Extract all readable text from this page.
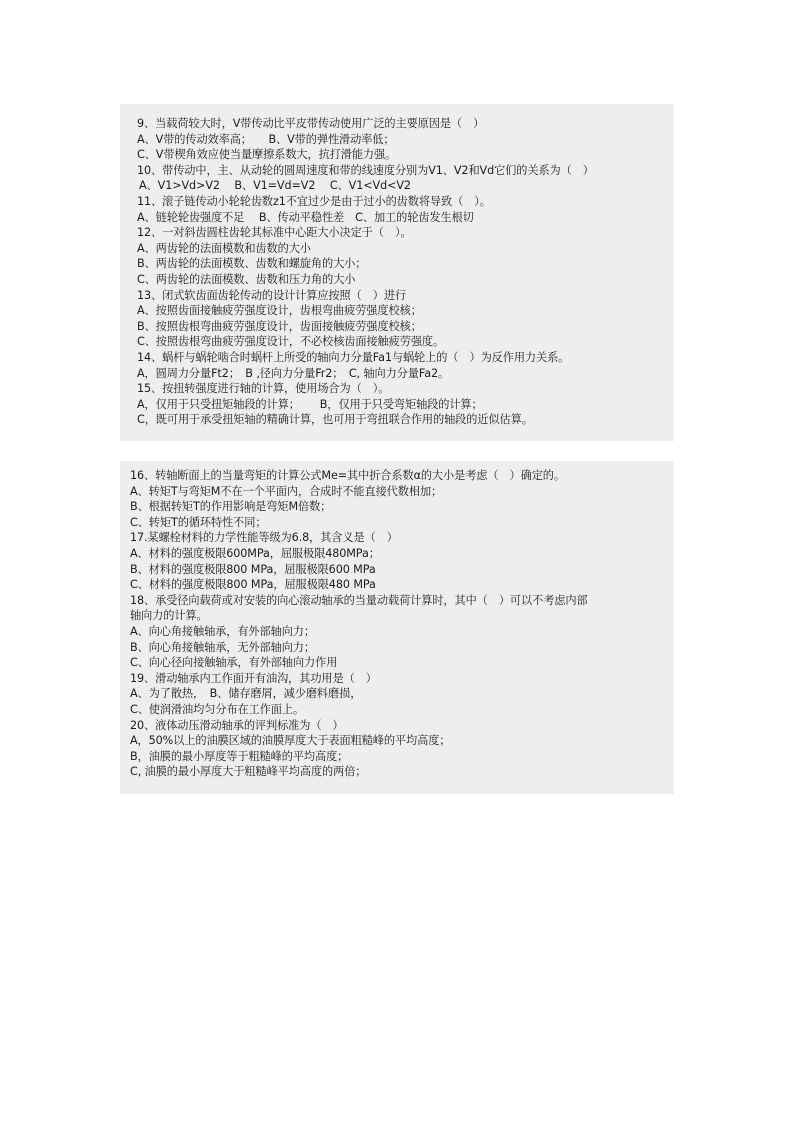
9、当载荷较大时，V带传动比平皮带传动使用广泛的主要原因是（　）
A、V带的传动效率高；　　B、V带的弹性滑动率低；
C、V带楔角效应使当量摩擦系数大，抗打滑能力强。
10、带传动中，主、从动轮的圆周速度和带的线速度分别为V1、V2和Vd它们的关系为（　）
A、V1>Vd>V2　 B、V1=Vd=V2　 C、V1<Vd<V2
11、滚子链传动小轮轮齿数z1不宜过少是由于过小的齿数将导致（　）。
A、链轮轮齿强度不足　 B、传动平稳性差　C、加工的轮齿发生根切
12、一对斜齿圆柱齿轮其标准中心距大小决定于（　）。
A、两齿轮的法面模数和齿数的大小
B、两齿轮的法面模数、齿数和螺旋角的大小；
C、两齿轮的法面模数、齿数和压力角的大小
13、闭式软齿面齿轮传动的设计计算应按照（　）进行
A、按照齿面接触疲劳强度设计，齿根弯曲疲劳强度校核；
B、按照齿根弯曲疲劳强度设计，齿面接触疲劳强度校核；
C、按照齿根弯曲疲劳强度设计，不必校核齿面接触疲劳强度。
14、蜗杆与蜗轮啮合时蜗杆上所受的轴向力分量Fa1与蜗轮上的（　）为反作用力关系。
A，圆周力分量Ft2；　B ,径向力分量Fr2；　C, 轴向力分量Fa2。
15、按扭转强度进行轴的计算，使用场合为（　）。
A，仅用于只受扭矩轴段的计算；　　 B，仅用于只受弯矩轴段的计算；
C，既可用于承受扭矩轴的精确计算，也可用于弯扭联合作用的轴段的近似估算。
16、转轴断面上的当量弯矩的计算公式Me=其中折合系数α的大小是考虑（　）确定的。
A、转矩T与弯矩M不在一个平面内，合成时不能直接代数相加；
B、根据转矩T的作用影响是弯矩M倍数；
C、转矩T的循环特性不同；
17.某螺栓材料的力学性能等级为6.8，其含义是（　）
A、材料的强度极限600MPa，屈服极限480MPa；
B、材料的强度极限800 MPa，屈服极限600 MPa
C、材料的强度极限800 MPa，屈服极限480 MPa
18、承受径向载荷或对安装的向心滚动轴承的当量动载荷计算时，其中（　）可以不考虑内部
轴向力的计算。
A、向心角接触轴承，有外部轴向力；
B、向心角接触轴承，无外部轴向力；
C、向心径向接触轴承，有外部轴向力作用
19、滑动轴承内工作面开有油沟，其功用是（　）
A、为了散热，　B、储存磨屑，减少磨料磨损，
C、使润滑油均匀分布在工作面上。
20、液体动压滑动轴承的评判标准为（　）
A，50%以上的油膜区域的油膜厚度大于表面粗糙峰的平均高度；
B，油膜的最小厚度等于粗糙峰的平均高度；
C, 油膜的最小厚度大于粗糙峰平均高度的两倍；
